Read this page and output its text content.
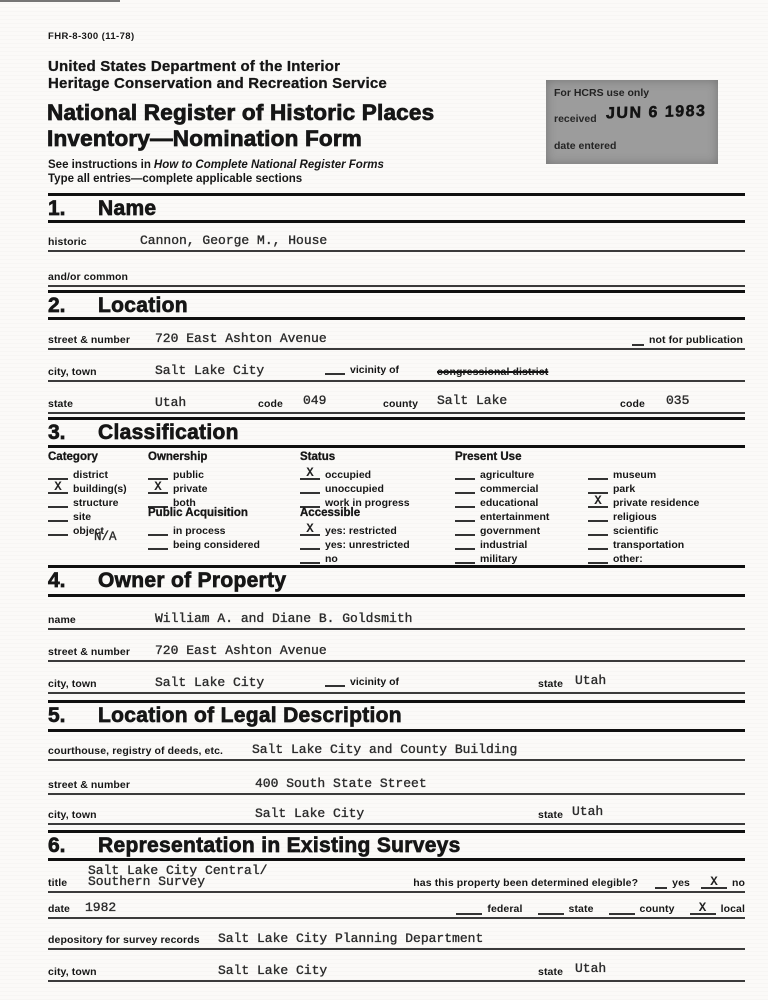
FHR-8-300 (11-78)
United States Department of the Interior
Heritage Conservation and Recreation Service
National Register of Historic Places
Inventory—Nomination Form
For HCRS use only
received JUN 6 1983
date entered
See instructions in How to Complete National Register Forms
Type all entries—complete applicable sections
1. Name
historic	Cannon, George M., House
and/or common
2. Location
street & number 720 East Ashton Avenue	not for publication
city, town	Salt Lake City	vicinity of	congressional district
state	Utah	code 049	county Salt Lake	code 035
3. Classification
Category
district
X building(s)
structure
site
object
N/A
Ownership
public
X private
both
Public Acquisition
in process
being considered
Status
X occupied
unoccupied
work in progress
Accessible
X yes: restricted
yes: unrestricted
no
Present Use
agriculture
commercial
educational
entertainment
government
industrial
military
museum
park
X private residence
religious
scientific
transportation
other:
4. Owner of Property
name	William A. and Diane B. Goldsmith
street & number 720 East Ashton Avenue
city, town	Salt Lake City	vicinity of	state Utah
5. Location of Legal Description
courthouse, registry of deeds, etc. Salt Lake City and County Building
street & number	400 South State Street
city, town	Salt Lake City	state Utah
6. Representation in Existing Surveys
title
Salt Lake City Central/
Southern Survey	has this property been determined elegible?	yes X no
date 1982	federal	state	county X local
depository for survey records Salt Lake City Planning Department
city, town	Salt Lake City	state Utah
